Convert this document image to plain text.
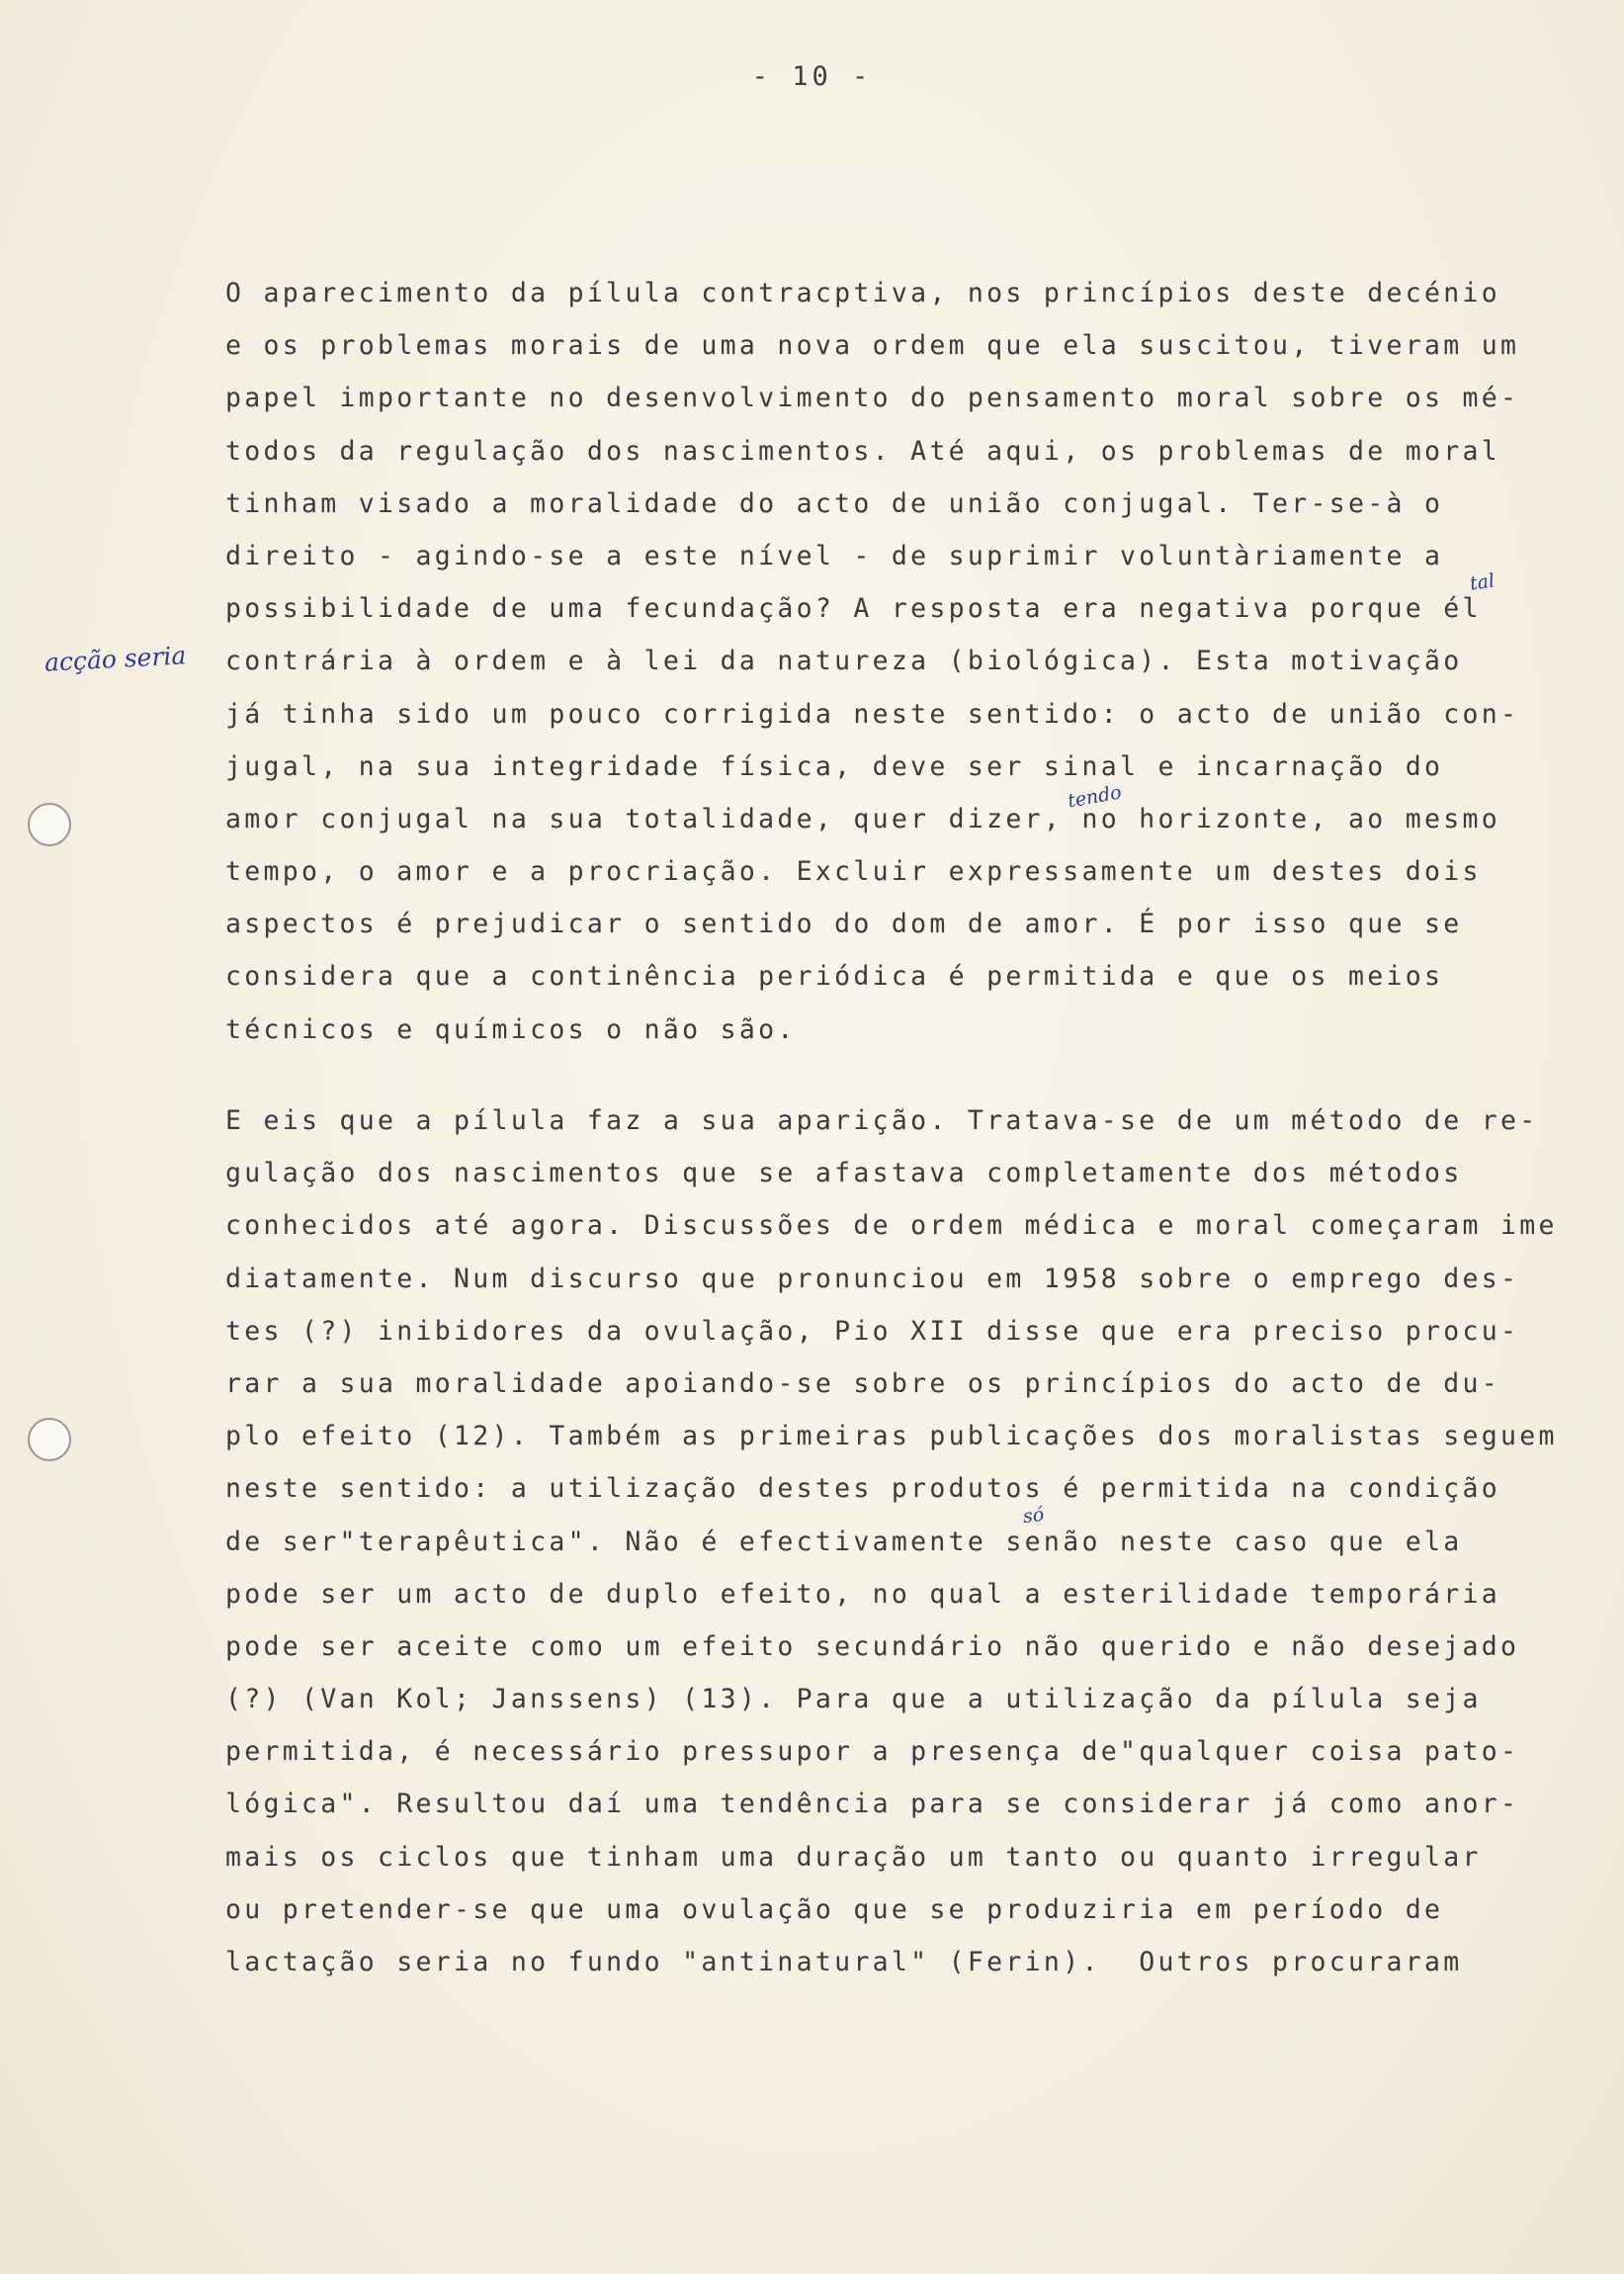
- 10 -
acção seria
tal
tendo
só
O aparecimento da pílula contracptiva, nos princípios deste decénio
e os problemas morais de uma nova ordem que ela suscitou, tiveram um
papel importante no desenvolvimento do pensamento moral sobre os mé-
todos da regulação dos nascimentos. Até aqui, os problemas de moral
tinham visado a moralidade do acto de união conjugal. Ter-se-à o
direito - agindo-se a este nível - de suprimir voluntàriamente a
possibilidade de uma fecundação? A resposta era negativa porque él
contrária à ordem e à lei da natureza (biológica). Esta motivação
já tinha sido um pouco corrigida neste sentido: o acto de união con-
jugal, na sua integridade física, deve ser sinal e incarnação do
amor conjugal na sua totalidade, quer dizer, no horizonte, ao mesmo
tempo, o amor e a procriação. Excluir expressamente um destes dois
aspectos é prejudicar o sentido do dom de amor. É por isso que se
considera que a continência periódica é permitida e que os meios
técnicos e químicos o não são.
E eis que a pílula faz a sua aparição. Tratava-se de um método de re-
gulação dos nascimentos que se afastava completamente dos métodos
conhecidos até agora. Discussões de ordem médica e moral começaram ime
diatamente. Num discurso que pronunciou em 1958 sobre o emprego des-
tes (?) inibidores da ovulação, Pio XII disse que era preciso procu-
rar a sua moralidade apoiando-se sobre os princípios do acto de du-
plo efeito (12). Também as primeiras publicações dos moralistas seguem
neste sentido: a utilização destes produtos é permitida na condição
de ser"terapêutica". Não é efectivamente senão neste caso que ela
pode ser um acto de duplo efeito, no qual a esterilidade temporária
pode ser aceite como um efeito secundário não querido e não desejado
(?) (Van Kol; Janssens) (13). Para que a utilização da pílula seja
permitida, é necessário pressupor a presença de"qualquer coisa pato-
lógica". Resultou daí uma tendência para se considerar já como anor-
mais os ciclos que tinham uma duração um tanto ou quanto irregular
ou pretender-se que uma ovulação que se produziria em período de
lactação seria no fundo "antinatural" (Ferin).  Outros procuraram
